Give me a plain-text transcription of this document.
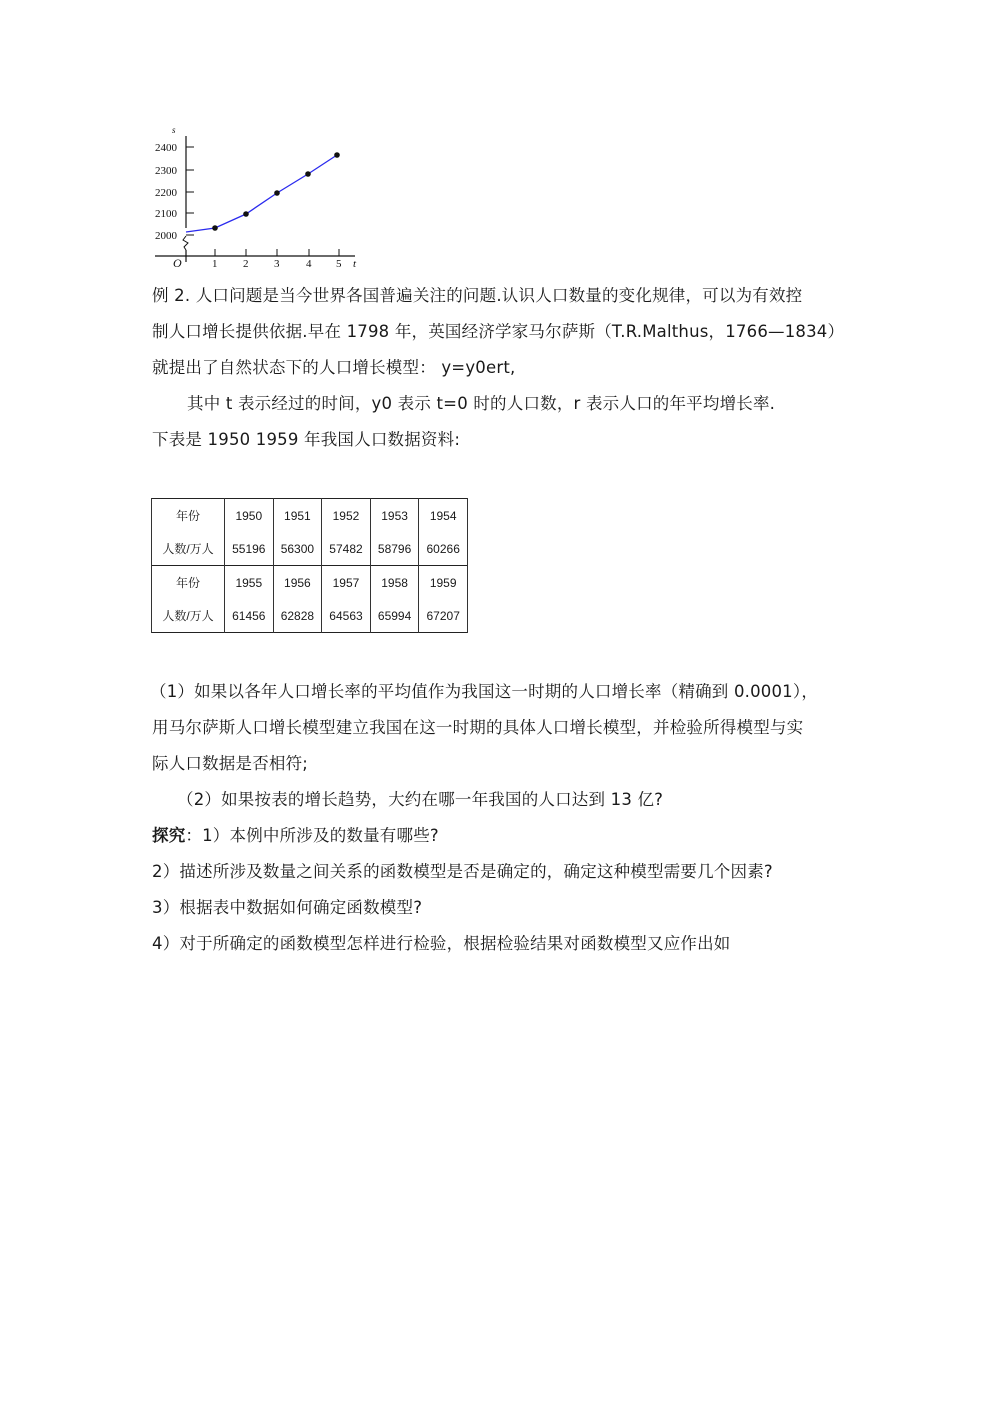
2400
2300
2200
2100
2000
1 2 3 4 5
s
t
O
例 2. 人口问题是当今世界各国普遍关注的问题.认识人口数量的变化规律，可以为有效控
制人口增长提供依据.早在 1798 年，英国经济学家马尔萨斯（T.R.Malthus，1766—1834）
就提出了自然状态下的人口增长模型： y=y0ert,
其中 t 表示经过的时间，y0 表示 t=0 时的人口数，r 表示人口的年平均增长率.
下表是 1950 1959 年我国人口数据资料:
年份	1950	1951	1952	1953	1954
人数/万人	55196	56300	57482	58796	60266
年份	1955	1956	1957	1958	1959
人数/万人	61456	62828	64563	65994	67207
（1）如果以各年人口增长率的平均值作为我国这一时期的人口增长率（精确到 0.0001），
用马尔萨斯人口增长模型建立我国在这一时期的具体人口增长模型，并检验所得模型与实
际人口数据是否相符;
（2）如果按表的增长趋势，大约在哪一年我国的人口达到 13 亿?
探究：1）本例中所涉及的数量有哪些?
2）描述所涉及数量之间关系的函数模型是否是确定的，确定这种模型需要几个因素?
3）根据表中数据如何确定函数模型?
4）对于所确定的函数模型怎样进行检验，根据检验结果对函数模型又应作出如
